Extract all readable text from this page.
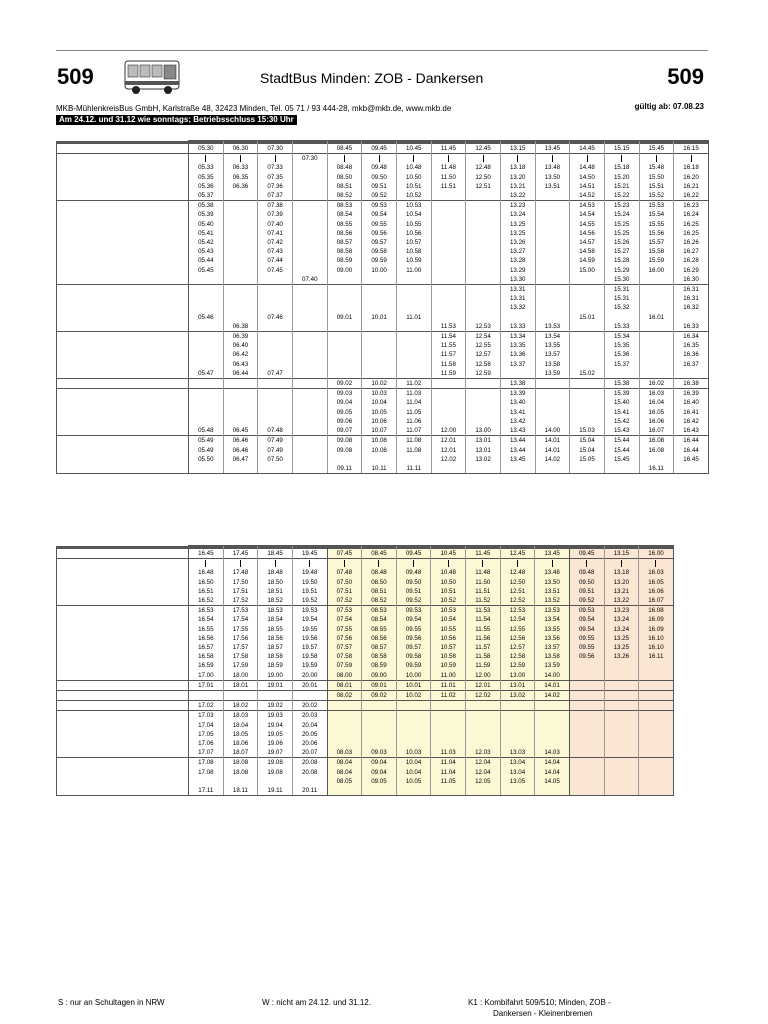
509	StadtBus Minden: ZOB - Dankersen	509
MKB-MühlenkreisBus GmbH, Karlstraße 48, 32423 Minden, Tel. 05 71 / 93 444-28, mkb@mkb.de, www.mkb.de	gültig ab: 07.08.23
Am 24.12. und 31.12 wie sonntags; Betriebsschluss 15:30 Uhr

		05.30	06.30	07.30		08.45	09.45	10.45	11.45	12.45	13.15	13.45	14.45	15.15	15.45	16.15
					07.30											
		05.33	06.33	07.33		08.48	09.48	10.48	11.48	12.48	13.18	13.48	14.48	15.18	15.48	16.18
		05.35	06.35	07.35		08.50	09.50	10.50	11.50	12.50	13.20	13.50	14.50	15.20	15.50	16.20
		05.36	06.36	07.36		08.51	09.51	10.51	11.51	12.51	13.21	13.51	14.51	15.21	15.51	16.21
		05.37		07.37		08.52	09.52	10.52			13.22		14.52	15.22	15.52	16.22
		05.38		07.38		08.53	09.53	10.53			13.23		14.53	15.23	15.53	16.23
		05.39		07.39		08.54	09.54	10.54			13.24		14.54	15.24	15.54	16.24
		05.40		07.40		08.55	09.55	10.55			13.25		14.55	15.25	15.55	16.25
		05.41		07.41		08.56	09.56	10.56			13.25		14.56	15.25	15.56	16.25
		05.42		07.42		08.57	09.57	10.57			13.26		14.57	15.26	15.57	16.26
		05.43		07.43		08.58	09.58	10.58			13.27		14.58	15.27	15.58	16.27
		05.44		07.44		08.59	09.59	10.59			13.28		14.59	15.28	15.59	16.28
		05.45		07.45		09.00	10.00	11.00			13.29		15.00	15.29	16.00	16.29
					07.40						13.30			15.30		16.30
											13.31			15.31		16.31
											13.31			15.31		16.31
											13.32			15.32		16.32
		05.46		07.46		09.01	10.01	11.01					15.01		16.01	
			06.38						11.53	12.53	13.33	13.53		15.33		16.33
			06.39						11.54	12.54	13.34	13.54		15.34		16.34
			06.40						11.55	12.55	13.35	13.55		15.35		16.35
			06.42						11.57	12.57	13.36	13.57		15.36		16.36
			06.43						11.58	12.58	13.37	13.58		15.37		16.37
		05.47	06.44	07.47					11.59	12.59		13.59	15.02			
						09.02	10.02	11.02			13.38			15.38	16.02	16.38
						09.03	10.03	11.03			13.39			15.39	16.03	16.39
						09.04	10.04	11.04			13.40			15.40	16.04	16.40
						09.05	10.05	11.05			13.41			15.41	16.05	16.41
						09.06	10.06	11.06			13.42			15.42	16.06	16.42
		05.48	06.45	07.48		09.07	10.07	11.07	12.00	13.00	13.43	14.00	15.03	15.43	16.07	16.43
		05.49	06.46	07.49		09.08	10.08	11.08	12.01	13.01	13.44	14.01	15.04	15.44	16.08	16.44
		05.49	06.46	07.49		09.08	10.08	11.08	12.01	13.01	13.44	14.01	15.04	15.44	16.08	16.44
		05.50	06.47	07.50					12.02	13.02	13.45	14.02	15.05	15.45		16.45
						09.11	10.11	11.11							16.11	

		16.45	17.45	18.45	19.45	07.45	08.45	09.45	10.45	11.45	12.45	13.45	09.45	13.15	16.00

		16.48	17.48	18.48	19.48	07.48	08.48	09.48	10.48	11.48	12.48	13.48	09.48	13.18	16.03
		16.50	17.50	18.50	19.50	07.50	08.50	09.50	10.50	11.50	12.50	13.50	09.50	13.20	16.05
		16.51	17.51	18.51	19.51	07.51	08.51	09.51	10.51	11.51	12.51	13.51	09.51	13.21	16.06
		16.52	17.52	18.52	19.52	07.52	08.52	09.52	10.52	11.52	12.52	13.52	09.52	13.22	16.07
		16.53	17.53	18.53	19.53	07.53	08.53	09.53	10.53	11.53	12.53	13.53	09.53	13.23	16.08
		16.54	17.54	18.54	19.54	07.54	08.54	09.54	10.54	11.54	12.54	13.54	09.54	13.24	16.09
		16.55	17.55	18.55	19.55	07.55	08.55	09.55	10.55	11.55	12.55	13.55	09.54	13.24	16.09
		16.56	17.56	18.56	19.56	07.56	08.56	09.56	10.56	11.56	12.56	13.56	09.55	13.25	16.10
		16.57	17.57	18.57	19.57	07.57	08.57	09.57	10.57	11.57	12.57	13.57	09.55	13.25	16.10
		16.58	17.58	18.58	19.58	07.58	08.58	09.58	10.58	11.58	12.58	13.58	09.56	13.26	16.11
		16.59	17.59	18.59	19.59	07.59	08.59	09.59	10.59	11.59	12.59	13.59			
		17.00	18.00	19.00	20.00	08.00	09.00	10.00	11.00	12.00	13.00	14.00			

		17.01	18.01	19.01	20.01	08.01	09.01	10.01	11.01	12.01	13.01	14.01			

						08.02	09.02	10.02	11.02	12.02	13.02	14.02			
		17.02	18.02	19.02	20.02										
		17.03	18.03	19.03	20.03										
		17.04	18.04	19.04	20.04										
		17.05	18.05	19.05	20.05										
		17.06	18.06	19.06	20.06										
		17.07	18.07	19.07	20.07	08.03	09.03	10.03	11.03	12.03	13.03	14.03			
		17.08	18.08	19.08	20.08	08.04	09.04	10.04	11.04	12.04	13.04	14.04			
		17.08	18.08	19.08	20.08	08.04	09.04	10.04	11.04	12.04	13.04	14.04			
						08.05	09.05	10.05	11.05	12.05	13.05	14.05			
		17.11	18.11	19.11	20.11										
S : nur an Schultagen in NRW	W : nicht am 24.12. und 31.12.	K1 : Kombifahrt 509/510; Minden, ZOB -
Dankersen - Kleinenbremen
